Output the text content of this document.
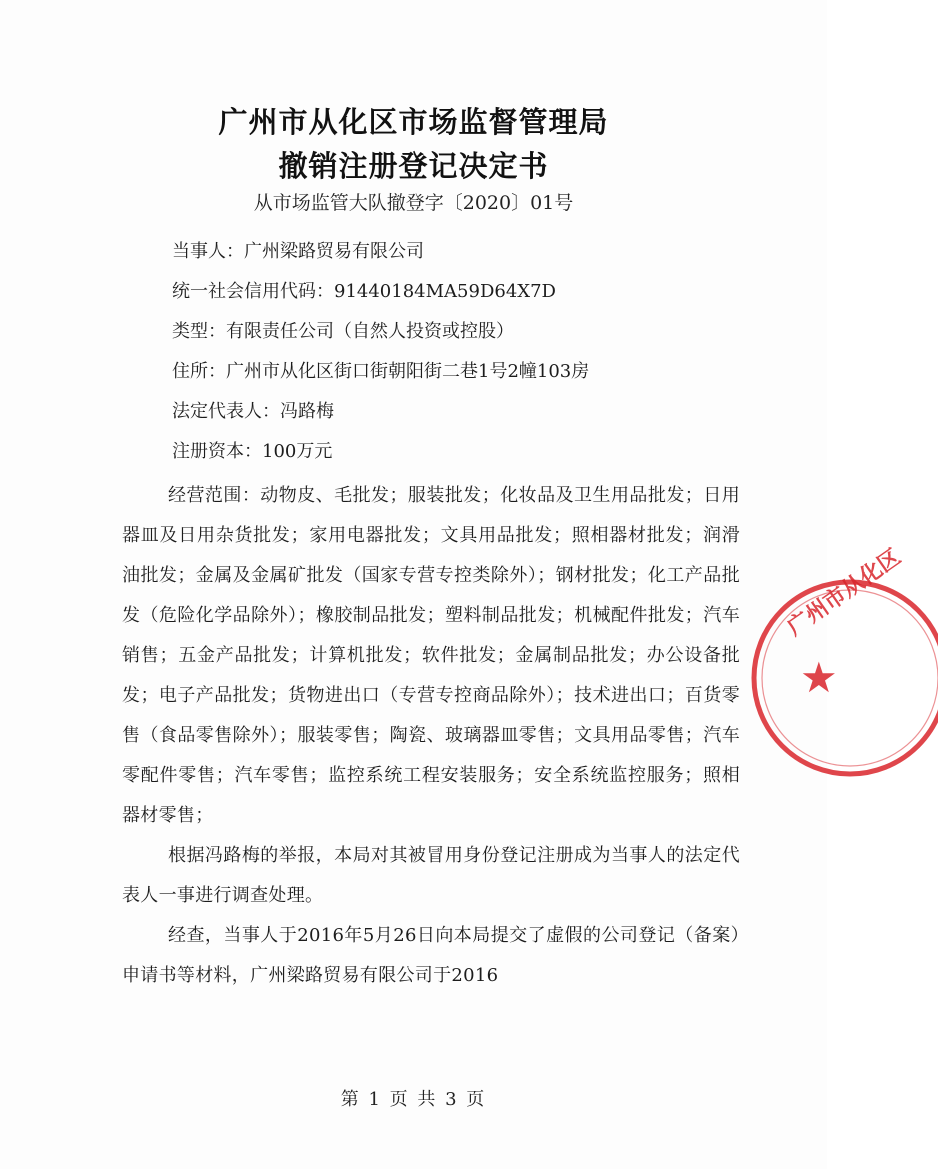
广州市从化区市场监督管理局
撤销注册登记决定书
从市场监管大队撤登字〔2020〕01号
当事人：广州梁路贸易有限公司
统一社会信用代码：91440184MA59D64X7D
类型：有限责任公司（自然人投资或控股）
住所：广州市从化区街口街朝阳街二巷1号2幢103房
法定代表人：冯路梅
注册资本：100万元

经营范围：动物皮、毛批发；服装批发；化妆品及卫生用品批发；日用器皿及日用杂货批发；家用电器批发；文具用品批发；照相器材批发；润滑油批发；金属及金属矿批发（国家专营专控类除外）；钢材批发；化工产品批发（危险化学品除外）；橡胶制品批发；塑料制品批发；机械配件批发；汽车销售；五金产品批发；计算机批发；软件批发；金属制品批发；办公设备批发；电子产品批发；货物进出口（专营专控商品除外）；技术进出口；百货零售（食品零售除外）；服装零售；陶瓷、玻璃器皿零售；文具用品零售；汽车零配件零售；汽车零售；监控系统工程安装服务；安全系统监控服务；照相器材零售；

根据冯路梅的举报，本局对其被冒用身份登记注册成为当事人的法定代表人一事进行调查处理。

经查，当事人于2016年5月26日向本局提交了虚假的公司登记（备案）申请书等材料，广州梁路贸易有限公司于2016

广州市从化区
★
第 1 页 共 3 页
